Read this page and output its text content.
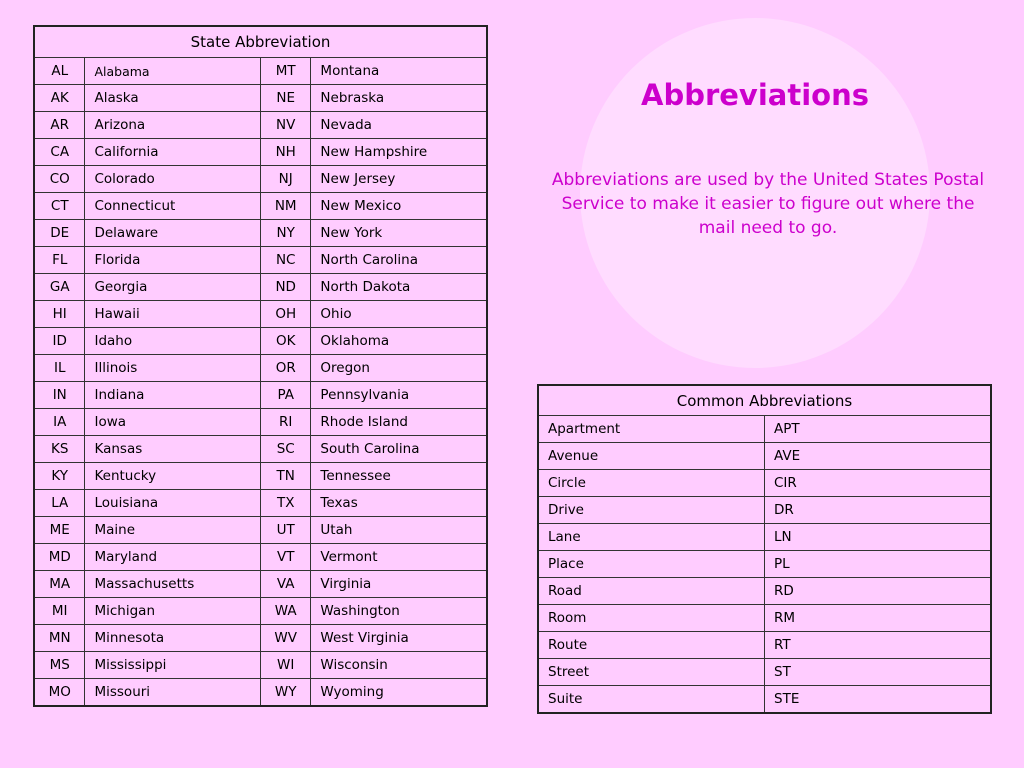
Abbreviations
Abbreviations are used by the United States Postal Service to make it easier to figure out where the mail need to go.
State Abbreviation			
AL	Alabama	MT	Montana
AK	Alaska	NE	Nebraska
AR	Arizona	NV	Nevada
CA	California	NH	New Hampshire
CO	Colorado	NJ	New Jersey
CT	Connecticut	NM	New Mexico
DE	Delaware	NY	New York
FL	Florida	NC	North Carolina
GA	Georgia	ND	North Dakota
HI	Hawaii	OH	Ohio
ID	Idaho	OK	Oklahoma
IL	Illinois	OR	Oregon
IN	Indiana	PA	Pennsylvania
IA	Iowa	RI	Rhode Island
KS	Kansas	SC	South Carolina
KY	Kentucky	TN	Tennessee
LA	Louisiana	TX	Texas
ME	Maine	UT	Utah
MD	Maryland	VT	Vermont
MA	Massachusetts	VA	Virginia
MI	Michigan	WA	Washington
MN	Minnesota	WV	West Virginia
MS	Mississippi	WI	Wisconsin
MO	Missouri	WY	Wyoming
Common Abbreviations	
Apartment	APT
Avenue	AVE
Circle	CIR
Drive	DR
Lane	LN
Place	PL
Road	RD
Room	RM
Route	RT
Street	ST
Suite	STE
